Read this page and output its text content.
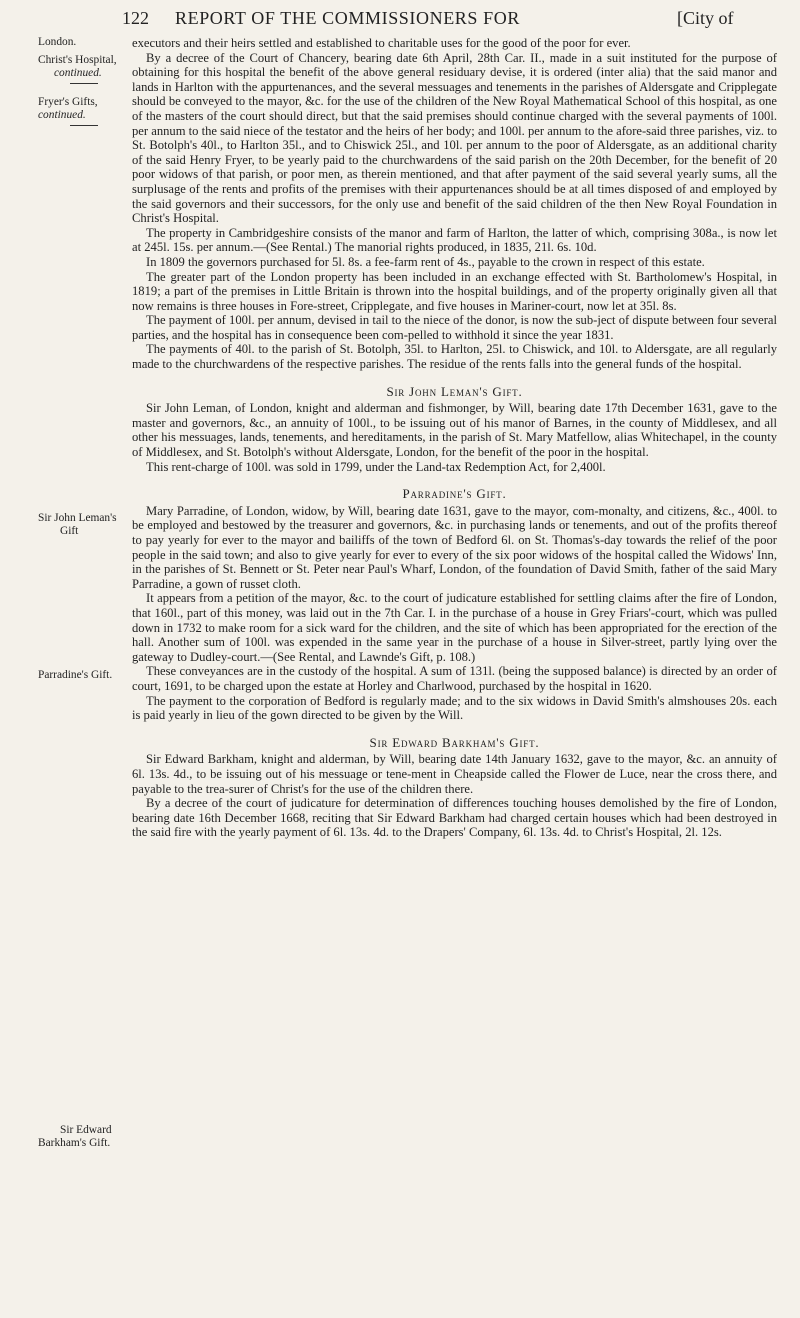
122 REPORT OF THE COMMISSIONERS FOR	[City of

London.

Christ's Hospital,

continued.

Fryer's Gifts,

continued.

Sir John Leman's

Gift

Parradine's Gift.

Sir Edward

Barkham's Gift.

executors and their heirs settled and established to charitable uses for the good of the poor for ever.

By a decree of the Court of Chancery, bearing date 6th April, 28th Car. II., made in a suit instituted for the purpose of obtaining for this hospital the benefit of the above general residuary devise, it is ordered (inter alia) that the said manor and lands in Harlton with the appurtenances, and the several messuages and tenements in the parishes of Aldersgate and Cripplegate should be conveyed to the mayor, &c. for the use of the children of the New Royal Mathematical School of this hospital, as one of the masters of the court should direct, but that the said premises should continue charged with the several payments of 100l. per annum to the said niece of the testator and the heirs of her body; and 100l. per annum to the afore-said three parishes, viz. to St. Botolph's 40l., to Harlton 35l., and to Chiswick 25l., and 10l. per annum to the poor of Aldersgate, as an additional charity of the said Henry Fryer, to be yearly paid to the churchwardens of the said parish on the 20th December, for the benefit of 20 poor widows of that parish, or poor men, as therein mentioned, and that after payment of the said several yearly sums, all the surplusage of the rents and profits of the premises with their appurtenances should be at all times disposed of and employed by the said governors and their successors, for the only use and benefit of the said children of the then New Royal Foundation in Christ's Hospital.

The property in Cambridgeshire consists of the manor and farm of Harlton, the latter of which, comprising 308a., is now let at 245l. 15s. per annum.—(See Rental.) The manorial rights produced, in 1835, 21l. 6s. 10d.

In 1809 the governors purchased for 5l. 8s. a fee-farm rent of 4s., payable to the crown in respect of this estate.

The greater part of the London property has been included in an exchange effected with St. Bartholomew's Hospital, in 1819; a part of the premises in Little Britain is thrown into the hospital buildings, and of the property originally given all that now remains is three houses in Fore-street, Cripplegate, and five houses in Mariner-court, now let at 35l. 8s.

The payment of 100l. per annum, devised in tail to the niece of the donor, is now the sub-ject of dispute between four several parties, and the hospital has in consequence been com-pelled to withhold it since the year 1831.

The payments of 40l. to the parish of St. Botolph, 35l. to Harlton, 25l. to Chiswick, and 10l. to Aldersgate, are all regularly made to the churchwardens of the respective parishes. The residue of the rents falls into the general funds of the hospital.

Sir John Leman's Gift.

Sir John Leman, of London, knight and alderman and fishmonger, by Will, bearing date 17th December 1631, gave to the master and governors, &c., an annuity of 100l., to be issuing out of his manor of Barnes, in the county of Middlesex, and all other his messuages, lands, tenements, and hereditaments, in the parish of St. Mary Matfellow, alias Whitechapel, in the county of Middlesex, and St. Botolph's without Aldersgate, London, for the benefit of the poor in the hospital.

This rent-charge of 100l. was sold in 1799, under the Land-tax Redemption Act, for 2,400l.

Parradine's Gift.

Mary Parradine, of London, widow, by Will, bearing date 1631, gave to the mayor, com-monalty, and citizens, &c., 400l. to be employed and bestowed by the treasurer and governors, &c. in purchasing lands or tenements, and out of the profits thereof to pay yearly for ever to the mayor and bailiffs of the town of Bedford 6l. on St. Thomas's-day towards the relief of the poor people in the said town; and also to give yearly for ever to every of the six poor widows of the hospital called the Widows' Inn, in the parishes of St. Bennett or St. Peter near Paul's Wharf, London, of the foundation of David Smith, father of the said Mary Parradine, a gown of russet cloth.

It appears from a petition of the mayor, &c. to the court of judicature established for settling claims after the fire of London, that 160l., part of this money, was laid out in the 7th Car. I. in the purchase of a house in Grey Friars'-court, which was pulled down in 1732 to make room for a sick ward for the children, and the site of which has been appropriated for the erection of the hall. Another sum of 100l. was expended in the same year in the purchase of a house in Silver-street, partly lying over the gateway to Dudley-court.—(See Rental, and Lawnde's Gift, p. 108.)

These conveyances are in the custody of the hospital. A sum of 131l. (being the supposed balance) is directed by an order of court, 1691, to be charged upon the estate at Horley and Charlwood, purchased by the hospital in 1620.

The payment to the corporation of Bedford is regularly made; and to the six widows in David Smith's almshouses 20s. each is paid yearly in lieu of the gown directed to be given by the Will.

Sir Edward Barkham's Gift.

Sir Edward Barkham, knight and alderman, by Will, bearing date 14th January 1632, gave to the mayor, &c. an annuity of 6l. 13s. 4d., to be issuing out of his messuage or tene-ment in Cheapside called the Flower de Luce, near the cross there, and payable to the trea-surer of Christ's for the use of the children there.

By a decree of the court of judicature for determination of differences touching houses demolished by the fire of London, bearing date 16th December 1668, reciting that Sir Edward Barkham had charged certain houses which had been destroyed in the said fire with the yearly payment of 6l. 13s. 4d. to the Drapers' Company, 6l. 13s. 4d. to Christ's Hospital, 2l. 12s.
